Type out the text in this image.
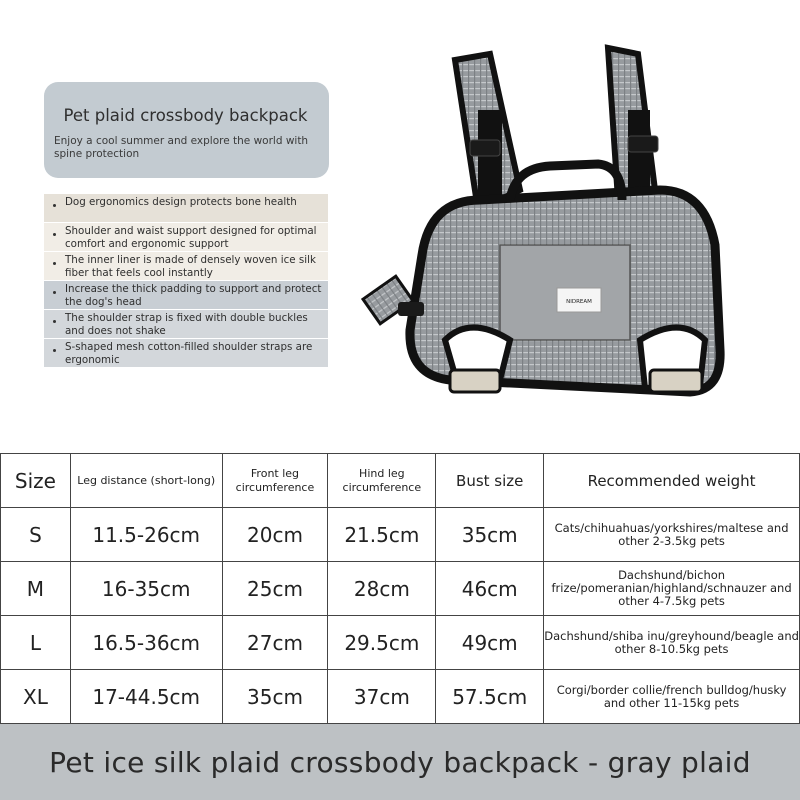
Pet plaid crossbody backpack

Enjoy a cool summer and explore the world with spine protection

Dog ergonomics design protects bone health
Shoulder and waist support designed for optimal comfort and ergonomic support
The inner liner is made of densely woven ice silk fiber that feels cool instantly
Increase the thick padding to support and protect the dog's head
The shoulder strap is fixed with double buckles and does not shake
S-shaped mesh cotton-filled shoulder straps are ergonomic
NIDREAM
Size	Leg distance (short-long)	Front leg circumference	Hind leg circumference	Bust size	Recommended weight
S	11.5-26cm	20cm	21.5cm	35cm	Cats/chihuahuas/yorkshires/maltese and other 2-3.5kg pets
M	16-35cm	25cm	28cm	46cm	Dachshund/bichon frize/pomeranian/highland/schnauzer and other 4-7.5kg pets
L	16.5-36cm	27cm	29.5cm	49cm	Dachshund/shiba inu/greyhound/beagle and other 8-10.5kg pets
XL	17-44.5cm	35cm	37cm	57.5cm	Corgi/border collie/french bulldog/husky and other 11-15kg pets
Pet ice silk plaid crossbody backpack - gray plaid
